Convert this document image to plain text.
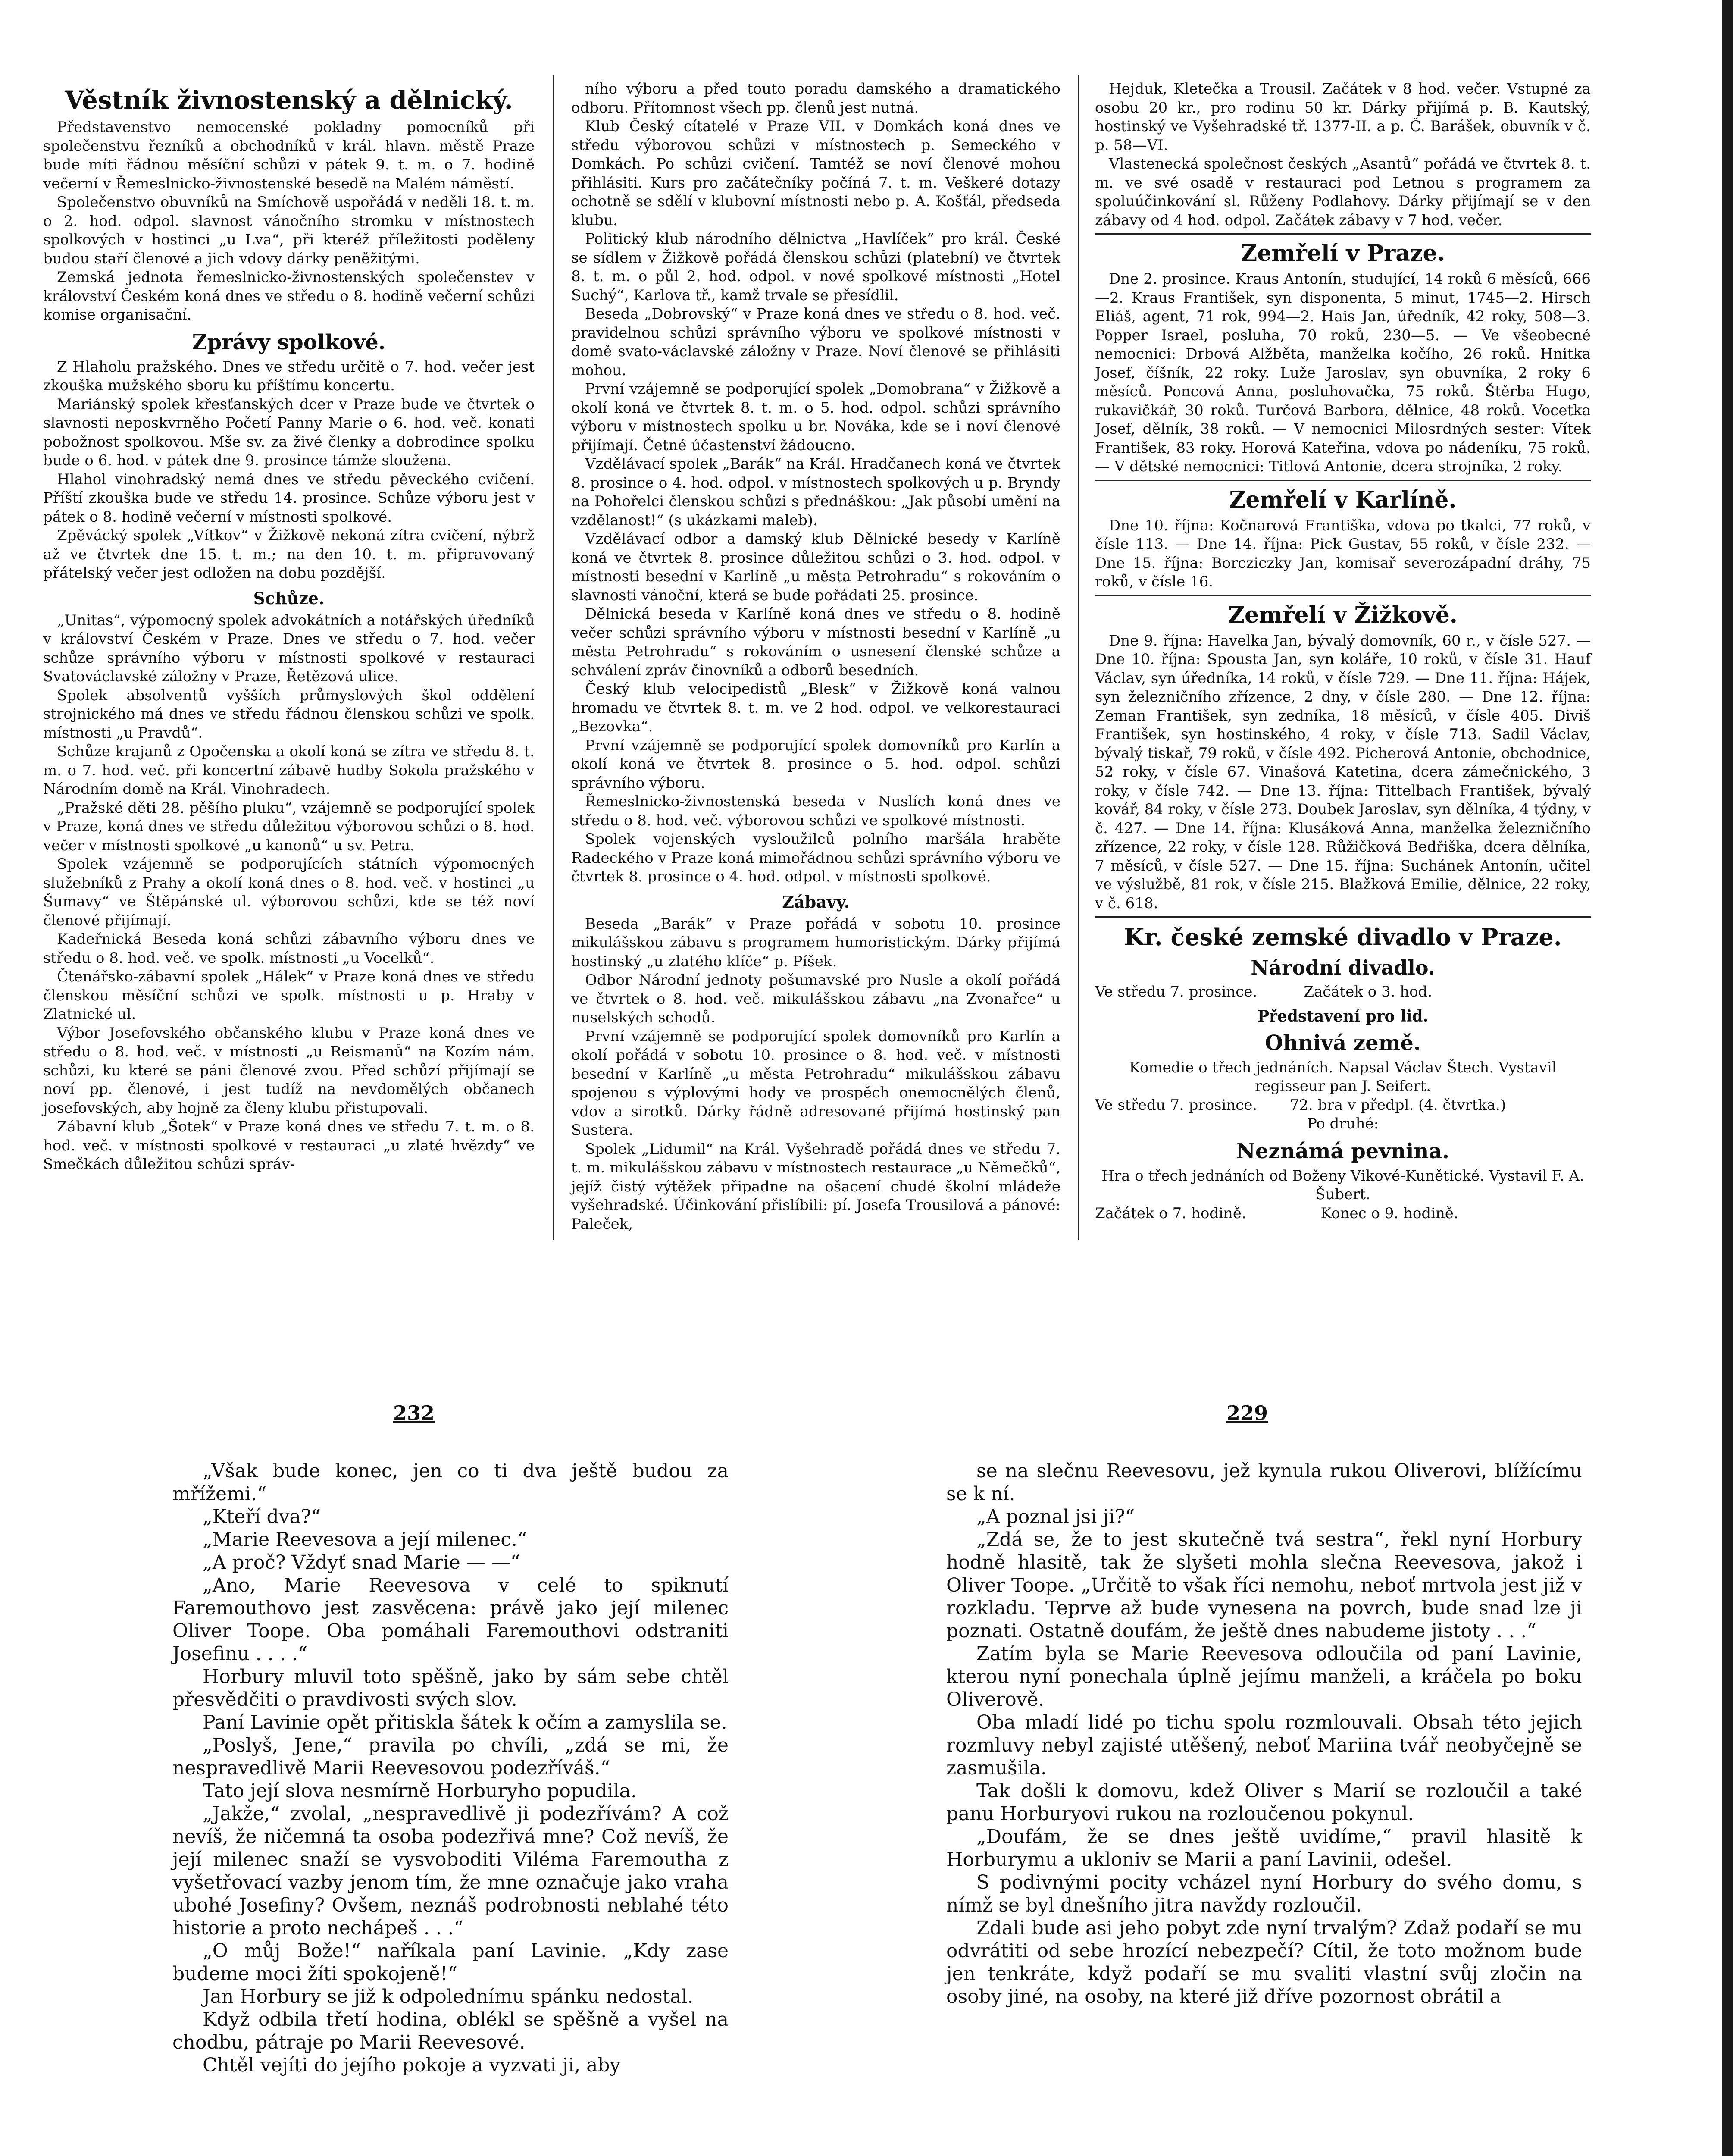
Věstník živnostenský a dělnický.

Představenstvo nemocenské pokladny pomocníků při společenstvu řezníků a obchodníků v král. hlavn. městě Praze bude míti řádnou měsíční schůzi v pátek 9. t. m. o 7. hodině večerní v Řemeslnicko-živnostenské besedě na Malém náměstí.

Společenstvo obuvníků na Smíchově uspořádá v neděli 18. t. m. o 2. hod. odpol. slavnost vánočního stromku v místnostech spolkových v hostinci „u Lva“, při kteréž příležitosti poděleny budou staří členové a jich vdovy dárky peněžitými.

Zemská jednota řemeslnicko-živnostenských společenstev v království Českém koná dnes ve středu o 8. hodině večerní schůzi komise organisační.

Zprávy spolkové.

Z Hlaholu pražského. Dnes ve středu určitě o 7. hod. večer jest zkouška mužského sboru ku příštímu koncertu.

Mariánský spolek křesťanských dcer v Praze bude ve čtvrtek o slavnosti neposkvrněho Početí Panny Marie o 6. hod. več. konati pobožnost spolkovou. Mše sv. za živé členky a dobrodince spolku bude o 6. hod. v pátek dne 9. prosince támže sloužena.

Hlahol vinohradský nemá dnes ve středu pěveckého cvičení. Příští zkouška bude ve středu 14. prosince. Schůze výboru jest v pátek o 8. hodině večerní v místnosti spolkové.

Zpěvácký spolek „Vítkov“ v Žižkově nekoná zítra cvičení, nýbrž až ve čtvrtek dne 15. t. m.; na den 10. t. m. připravovaný přátelský večer jest odložen na dobu pozdější.

Schůze.

„Unitas“, výpomocný spolek advokátních a notářských úředníků v království Českém v Praze. Dnes ve středu o 7. hod. večer schůze správního výboru v místnosti spolkové v restauraci Svatováclavské záložny v Praze, Řetězová ulice.

Spolek absolventů vyšších průmyslových škol oddělení strojnického má dnes ve středu řádnou členskou schůzi ve spolk. místnosti „u Pravdů“.

Schůze krajanů z Opočenska a okolí koná se zítra ve středu 8. t. m. o 7. hod. več. při koncertní zábavě hudby Sokola pražského v Národním domě na Král. Vinohradech.

„Pražské děti 28. pěšího pluku“, vzájemně se podporující spolek v Praze, koná dnes ve středu důležitou výborovou schůzi o 8. hod. večer v místnosti spolkové „u kanonů“ u sv. Petra.

Spolek vzájemně se podporujících státních výpomocných služebníků z Prahy a okolí koná dnes o 8. hod. več. v hostinci „u Šumavy“ ve Štěpánské ul. výborovou schůzi, kde se též noví členové přijímají.

Kadeřnická Beseda koná schůzi zábavního výboru dnes ve středu o 8. hod. več. ve spolk. místnosti „u Vocelků“.

Čtenářsko-zábavní spolek „Hálek“ v Praze koná dnes ve středu členskou měsíční schůzi ve spolk. místnosti u p. Hraby v Zlatnické ul.

Výbor Josefovského občanského klubu v Praze koná dnes ve středu o 8. hod. več. v místnosti „u Reismanů“ na Kozím nám. schůzi, ku které se páni členové zvou. Před schůzí přijímají se noví pp. členové, i jest tudíž na nevdomělých občanech josefovských, aby hojně za členy klubu přistupovali.

Zábavní klub „Šotek“ v Praze koná dnes ve středu 7. t. m. o 8. hod. več. v místnosti spolkové v restauraci „u zlaté hvězdy“ ve Smečkách důležitou schůzi správ-

ního výboru a před touto poradu damského a dramatického odboru. Přítomnost všech pp. členů jest nutná.

Klub Český cítatelé v Praze VII. v Domkách koná dnes ve středu výborovou schůzi v místnostech p. Semeckého v Domkách. Po schůzi cvičení. Tamtéž se noví členové mohou přihlásiti. Kurs pro začátečníky počíná 7. t. m. Veškeré dotazy ochotně se sdělí v klubovní místnosti nebo p. A. Košťál, předseda klubu.

Politický klub národního dělnictva „Havlíček“ pro král. České se sídlem v Žižkově pořádá členskou schůzi (platební) ve čtvrtek 8. t. m. o půl 2. hod. odpol. v nové spolkové místnosti „Hotel Suchý“, Karlova tř., kamž trvale se přesídlil.

Beseda „Dobrovský“ v Praze koná dnes ve středu o 8. hod. več. pravidelnou schůzi správního výboru ve spolkové místnosti v domě svato-václavské záložny v Praze. Noví členové se přihlásiti mohou.

První vzájemně se podporující spolek „Domobrana“ v Žižkově a okolí koná ve čtvrtek 8. t. m. o 5. hod. odpol. schůzi správního výboru v místnostech spolku u br. Nováka, kde se i noví členové přijímají. Četné účastenství žádoucno.

Vzdělávací spolek „Barák“ na Král. Hradčanech koná ve čtvrtek 8. prosince o 4. hod. odpol. v místnostech spolkových u p. Bryndy na Pohořelci členskou schůzi s přednáškou: „Jak působí umění na vzdělanost!“ (s ukázkami maleb).

Vzdělávací odbor a damský klub Dělnické besedy v Karlíně koná ve čtvrtek 8. prosince důležitou schůzi o 3. hod. odpol. v místnosti besední v Karlíně „u města Petrohradu“ s rokováním o slavnosti vánoční, která se bude pořádati 25. prosince.

Dělnická beseda v Karlíně koná dnes ve středu o 8. hodině večer schůzi správního výboru v místnosti besední v Karlíně „u města Petrohradu“ s rokováním o usnesení členské schůze a schválení zpráv činovníků a odborů besedních.

Český klub velocipedistů „Blesk“ v Žižkově koná valnou hromadu ve čtvrtek 8. t. m. ve 2 hod. odpol. ve velkorestauraci „Bezovka“.

První vzájemně se podporující spolek domovníků pro Karlín a okolí koná ve čtvrtek 8. prosince o 5. hod. odpol. schůzi správního výboru.

Řemeslnicko-živnostenská beseda v Nuslích koná dnes ve středu o 8. hod. več. výborovou schůzi ve spolkové místnosti.

Spolek vojenských vysloužilců polního maršála hraběte Radeckého v Praze koná mimořádnou schůzi správního výboru ve čtvrtek 8. prosince o 4. hod. odpol. v místnosti spolkové.

Zábavy.

Beseda „Barák“ v Praze pořádá v sobotu 10. prosince mikulášskou zábavu s programem humoristickým. Dárky přijímá hostinský „u zlatého klíče“ p. Píšek.

Odbor Národní jednoty pošumavské pro Nusle a okolí pořádá ve čtvrtek o 8. hod. več. mikulášskou zábavu „na Zvonařce“ u nuselských schodů.

První vzájemně se podporující spolek domovníků pro Karlín a okolí pořádá v sobotu 10. prosince o 8. hod. več. v místnosti besední v Karlíně „u města Petrohradu“ mikulášskou zábavu spojenou s výplovými hody ve prospěch onemocnělých členů, vdov a sirotků. Dárky řádně adresované přijímá hostinský pan Sustera.

Spolek „Lidumil“ na Král. Vyšehradě pořádá dnes ve středu 7. t. m. mikulášskou zábavu v místnostech restaurace „u Němečků“, jejíž čistý výtěžek připadne na ošacení chudé školní mládeže vyšehradské. Účinkování přislíbili: pí. Josefa Trousilová a pánové: Paleček,

Hejduk, Kletečka a Trousil. Začátek v 8 hod. večer. Vstupné za osobu 20 kr., pro rodinu 50 kr. Dárky přijímá p. B. Kautský, hostinský ve Vyšehradské tř. 1377-II. a p. Č. Barášek, obuvník v č. p. 58—VI.

Vlastenecká společnost českých „Asantů“ pořádá ve čtvrtek 8. t. m. ve své osadě v restauraci pod Letnou s programem za spoluúčinkování sl. Růženy Podlahovy. Dárky přijímají se v den zábavy od 4 hod. odpol. Začátek zábavy v 7 hod. večer.

Zemřelí v Praze.

Dne 2. prosince. Kraus Antonín, studující, 14 roků 6 měsíců, 666—2. Kraus František, syn disponenta, 5 minut, 1745—2. Hirsch Eliáš, agent, 71 rok, 994—2. Hais Jan, úředník, 42 roky, 508—3. Popper Israel, posluha, 70 roků, 230—5. — Ve všeobecné nemocnici: Drbová Alžběta, manželka kočího, 26 roků. Hnitka Josef, číšník, 22 roky. Luže Jaroslav, syn obuvníka, 2 roky 6 měsíců. Poncová Anna, posluhovačka, 75 roků. Štěrba Hugo, rukavičkář, 30 roků. Turčová Barbora, dělnice, 48 roků. Vocetka Josef, dělník, 38 roků. — V nemocnici Milosrdných sester: Vítek František, 83 roky. Horová Kateřina, vdova po nádeníku, 75 roků. — V dětské nemocnici: Titlová Antonie, dcera strojníka, 2 roky.

Zemřelí v Karlíně.

Dne 10. října: Kočnarová Františka, vdova po tkalci, 77 roků, v čísle 113. — Dne 14. října: Pick Gustav, 55 roků, v čísle 232. — Dne 15. října: Borcziczky Jan, komisař severozápadní dráhy, 75 roků, v čísle 16.

Zemřelí v Žižkově.

Dne 9. října: Havelka Jan, bývalý domovník, 60 r., v čísle 527. — Dne 10. října: Spousta Jan, syn koláře, 10 roků, v čísle 31. Hauf Václav, syn úředníka, 14 roků, v čísle 729. — Dne 11. října: Hájek, syn železničního zřízence, 2 dny, v čísle 280. — Dne 12. října: Zeman František, syn zedníka, 18 měsíců, v čísle 405. Diviš František, syn hostinského, 4 roky, v čísle 713. Sadil Václav, bývalý tiskař, 79 roků, v čísle 492. Picherová Antonie, obchodnice, 52 roky, v čísle 67. Vinašová Katetina, dcera zámečnického, 3 roky, v čísle 742. — Dne 13. října: Tittelbach František, bývalý kovář, 84 roky, v čísle 273. Doubek Jaroslav, syn dělníka, 4 týdny, v č. 427. — Dne 14. října: Klusáková Anna, manželka železničního zřízence, 22 roky, v čísle 128. Růžičková Bedřiška, dcera dělníka, 7 měsíců, v čísle 527. — Dne 15. října: Suchánek Antonín, učitel ve výslužbě, 81 rok, v čísle 215. Blažková Emilie, dělnice, 22 roky, v č. 618.

Kr. české zemské divadlo v Praze.
Národní divadlo.

Ve středu 7. prosince.          Začátek o 3. hod.

Představení pro lid.
Ohnivá země.

Komedie o třech jednáních. Napsal Václav Štech. Vystavil regisseur pan J. Seifert.

Ve středu 7. prosince.       72. bra v předpl. (4. čtvrtka.)

Po druhé:

Neznámá pevnina.

Hra o třech jednáních od Boženy Vikové-Kunětické. Vystavil F. A. Šubert.

Začátek o 7. hodině.                Konec o 9. hodině.

232	229

„Však bude konec, jen co ti dva ještě budou za mřížemi.“

„Kteří dva?“

„Marie Reevesova a její milenec.“

„A proč? Vždyť snad Marie — —“

„Ano, Marie Reevesova v celé to spiknutí Faremouthovo jest zasvěcena: právě jako její milenec Oliver Toope. Oba pomáhali Faremouthovi odstraniti Josefinu . . . .“

Horbury mluvil toto spěšně, jako by sám sebe chtěl přesvědčiti o pravdivosti svých slov.

Paní Lavinie opět přitiskla šátek k očím a zamyslila se.

„Poslyš, Jene,“ pravila po chvíli, „zdá se mi, že nespravedlivě Marii Reevesovou podezříváš.“

Tato její slova nesmírně Horburyho popudila.

„Jakže,“ zvolal, „nespravedlivě ji podezřívám? A což nevíš, že ničemná ta osoba podezřivá mne? Což nevíš, že její milenec snaží se vysvoboditi Viléma Faremoutha z vyšetřovací vazby jenom tím, že mne označuje jako vraha ubohé Josefiny? Ovšem, neznáš podrobnosti neblahé této historie a proto nechápeš . . .“

„O můj Bože!“ naříkala paní Lavinie. „Kdy zase budeme moci žíti spokojeně!“

Jan Horbury se již k odpolednímu spánku nedostal.

Když odbila třetí hodina, oblékl se spěšně a vyšel na chodbu, pátraje po Marii Reevesové.

Chtěl vejíti do jejího pokoje a vyzvati ji, aby

se na slečnu Reevesovu, jež kynula rukou Oliverovi, blížícímu se k ní.

„A poznal jsi ji?“

„Zdá se, že to jest skutečně tvá sestra“, řekl nyní Horbury hodně hlasitě, tak že slyšeti mohla slečna Reevesova, jakož i Oliver Toope. „Určitě to však říci nemohu, neboť mrtvola jest již v rozkladu. Teprve až bude vynesena na povrch, bude snad lze ji poznati. Ostatně doufám, že ještě dnes nabudeme jistoty . . .“

Zatím byla se Marie Reevesova odloučila od paní Lavinie, kterou nyní ponechala úplně jejímu manželi, a kráčela po boku Oliverově.

Oba mladí lidé po tichu spolu rozmlouvali. Obsah této jejich rozmluvy nebyl zajisté utěšený, neboť Mariina tvář neobyčejně se zasmušila.

Tak došli k domovu, kdež Oliver s Marií se rozloučil a také panu Horburyovi rukou na rozloučenou pokynul.

„Doufám, že se dnes ještě uvidíme,“ pravil hlasitě k Horburymu a ukloniv se Marii a paní Lavinii, odešel.

S podivnými pocity vcházel nyní Horbury do svého domu, s nímž se byl dnešního jitra navždy rozloučil.

Zdali bude asi jeho pobyt zde nyní trvalým? Zdaž podaří se mu odvrátiti od sebe hrozící nebezpečí? Cítil, že toto možnom bude jen tenkráte, když podaří se mu svaliti vlastní svůj zločin na osoby jiné, na osoby, na které již dříve pozornost obrátil a
